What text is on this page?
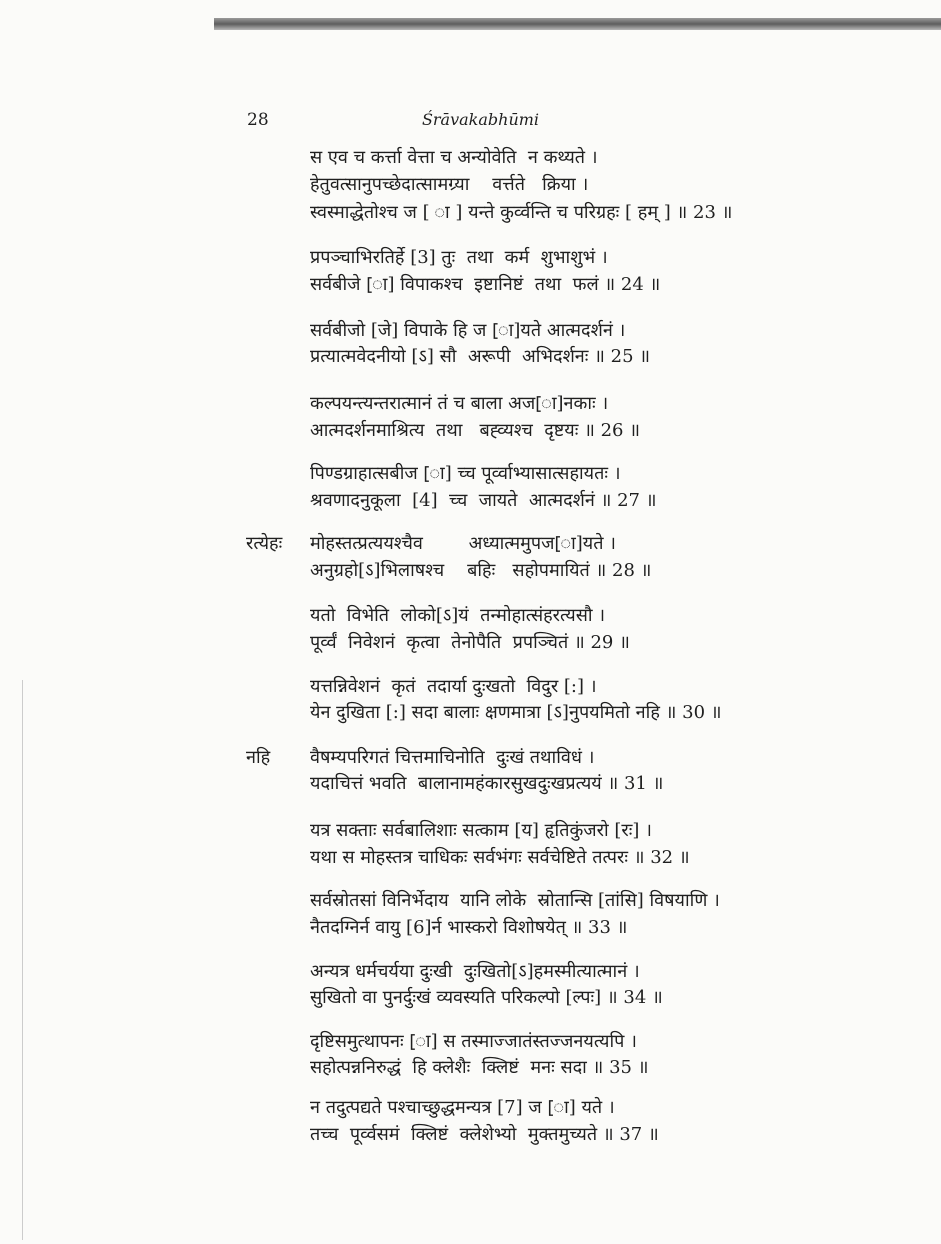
28	Śrāvakabhūmi
रत्येहः
नहि
स एव च कर्त्ता वेत्ता च अन्योवेति  न कथ्यते ।
हेतुवत्सानुपच्छेदात्सामग्र्या    वर्त्तते   क्रिया ।
स्वस्माद्धेतोश्च ज [ ा ] यन्ते कुर्व्वन्ति च परिग्रहः [ हम् ] ॥ 23 ॥
प्रपञ्चाभिरतिर्हे [3] तुः  तथा  कर्म  शुभाशुभं ।
सर्वबीजे [ा] विपाकश्च  इष्टानिष्टं  तथा  फलं ॥ 24 ॥
सर्वबीजो [जे] विपाके हि ज [ा]यते आत्मदर्शनं ।
प्रत्यात्मवेदनीयो [ऽ] सौ  अरूपी  अभिदर्शनः ॥ 25 ॥
कल्पयन्त्यन्तरात्मानं तं च बाला अज[ा]नकाः ।
आत्मदर्शनमाश्रित्य  तथा   बह्व्यश्च  दृष्टयः ॥ 26 ॥
पिण्डग्राहात्सबीज [ा] च्च पूर्व्वाभ्यासात्सहायतः ।
श्रवणादनुकूला  [4]  च्च  जायते  आत्मदर्शनं ॥ 27 ॥
मोहस्तत्प्रत्ययश्चैव        अध्यात्ममुपज[ा]यते ।
अनुग्रहो[ऽ]भिलाषश्च    बहिः   सहोपमायितं ॥ 28 ॥
यतो  विभेति  लोको[ऽ]यं  तन्मोहात्संहरत्यसौ ।
पूर्व्वं  निवेशनं  कृत्वा  तेनोपैति  प्रपञ्चितं ॥ 29 ॥
यत्तन्निवेशनं  कृतं  तदार्या दुःखतो  विदुर [:] ।
येन दुखिता [:] सदा बालाः क्षणमात्रा [ऽ]नुपयमितो नहि ॥ 30 ॥
वैषम्यपरिगतं चित्तमाचिनोति  दुःखं तथाविधं ।
यदाचित्तं भवति  बालानामहंकारसुखदुःखप्रत्ययं ॥ 31 ॥
यत्र सक्ताः सर्वबालिशाः सत्काम [य] हृतिकुंजरो [रः] ।
यथा स मोहस्तत्र चाधिकः सर्वभंगः सर्वचेष्टिते तत्परः ॥ 32 ॥
सर्वस्रोतसां विनिर्भेदाय  यानि लोके  स्रोतान्सि [तांसि] विषयाणि ।
नैतदग्निर्न वायु [6]र्न भास्करो विशोषयेत् ॥ 33 ॥
अन्यत्र धर्मचर्यया दुःखी  दुःखितो[ऽ]हमस्मीत्यात्मानं ।
सुखितो वा पुनर्दुःखं व्यवस्यति परिकल्पो [ल्पः] ॥ 34 ॥
दृष्टिसमुत्थापनः [ा] स तस्माज्जातंस्तज्जनयत्यपि ।
सहोत्पन्ननिरुद्धं  हि क्लेशैः  क्लिष्टं  मनः सदा ॥ 35 ॥
न तदुत्पद्यते पश्चाच्छुद्धमन्यत्र [7] ज [ा] यते ।
तच्च  पूर्व्वसमं  क्लिष्टं  क्लेशेभ्यो  मुक्तमुच्यते ॥ 37 ॥
